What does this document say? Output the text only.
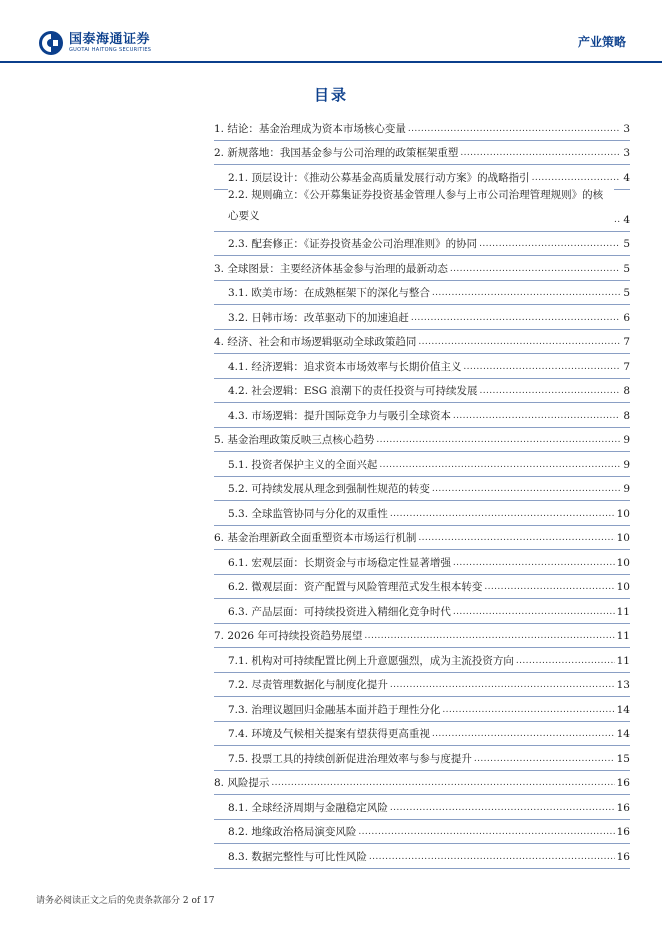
国泰海通证券
GUOTAI HAITONG SECURITIES
产业策略
目录
1. 结论：基金治理成为资本市场核心变量 .....	3
2. 新规落地：我国基金参与公司治理的政策框架重塑 .....	3
2.1. 顶层设计：《推动公募基金高质量发展行动方案》的战略指引 .....	4
2.2. 规则确立：《公开募集证券投资基金管理人参与上市公司治理管理规则》的核心要义 .....	4
2.3. 配套修正：《证券投资基金公司治理准则》的协同 .....	5
3. 全球图景：主要经济体基金参与治理的最新动态 .....	5
3.1. 欧美市场：在成熟框架下的深化与整合 .....	5
3.2. 日韩市场：改革驱动下的加速追赶 .....	6
4. 经济、社会和市场逻辑驱动全球政策趋同 .....	7
4.1. 经济逻辑：追求资本市场效率与长期价值主义 .....	7
4.2. 社会逻辑：ESG 浪潮下的责任投资与可持续发展 .....	8
4.3. 市场逻辑：提升国际竞争力与吸引全球资本 .....	8
5. 基金治理政策反映三点核心趋势 .....	9
5.1. 投资者保护主义的全面兴起 .....	9
5.2. 可持续发展从理念到强制性规范的转变 .....	9
5.3. 全球监管协同与分化的双重性 .....	10
6. 基金治理新政全面重塑资本市场运行机制 .....	10
6.1. 宏观层面：长期资金与市场稳定性显著增强 .....	10
6.2. 微观层面：资产配置与风险管理范式发生根本转变 .....	10
6.3. 产品层面：可持续投资进入精细化竞争时代 .....	11
7. 2026 年可持续投资趋势展望 .....	11
7.1. 机构对可持续配置比例上升意愿强烈，成为主流投资方向 .....	11
7.2. 尽责管理数据化与制度化提升 .....	13
7.3. 治理议题回归金融基本面并趋于理性分化 .....	14
7.4. 环境及气候相关提案有望获得更高重视 .....	14
7.5. 投票工具的持续创新促进治理效率与参与度提升 .....	15
8. 风险提示 .....	16
8.1. 全球经济周期与金融稳定风险 .....	16
8.2. 地缘政治格局演变风险 .....	16
8.3. 数据完整性与可比性风险 .....	16
请务必阅读正文之后的免责条款部分 2 of 17
